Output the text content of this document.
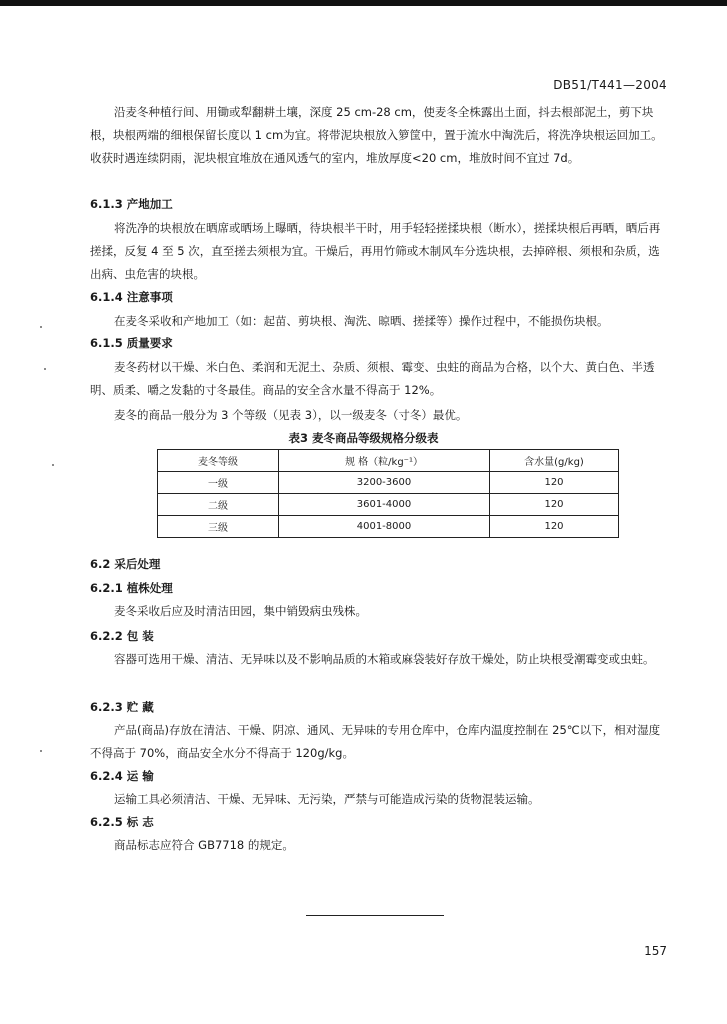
DB51/T441—2004
沿麦冬种植行间、用锄或犁翻耕土壤，深度 25 cm-28 cm，使麦冬全株露出土面，抖去根部泥土，剪下块根，块根两端的细根保留长度以 1 cm为宜。将带泥块根放入箩筐中，置于流水中淘洗后，将洗净块根运回加工。收获时遇连续阴雨，泥块根宜堆放在通风透气的室内，堆放厚度<20 cm，堆放时间不宜过 7d。
6.1.3 产地加工
将洗净的块根放在晒席或晒场上曝晒，待块根半干时，用手轻轻搓揉块根（断水），搓揉块根后再晒，晒后再搓揉，反复 4 至 5 次，直至搓去须根为宜。干燥后，再用竹筛或木制风车分选块根，去掉碎根、须根和杂质，选出病、虫危害的块根。
6.1.4 注意事项
在麦冬采收和产地加工（如：起苗、剪块根、淘洗、晾晒、搓揉等）操作过程中，不能损伤块根。
6.1.5 质量要求
麦冬药材以干燥、米白色、柔润和无泥土、杂质、须根、霉变、虫蛀的商品为合格，以个大、黄白色、半透明、质柔、嚼之发黏的寸冬最佳。商品的安全含水量不得高于 12%。
麦冬的商品一般分为 3 个等级（见表 3），以一级麦冬（寸冬）最优。
表3 麦冬商品等级规格分级表
麦冬等级	规 格（粒/kg⁻¹）	含水量(g/kg)
一级	3200-3600	120
二级	3601-4000	120
三级	4001-8000	120
6.2 采后处理
6.2.1 植株处理
麦冬采收后应及时清洁田园，集中销毁病虫残株。
6.2.2 包 装
容器可选用干燥、清洁、无异味以及不影响品质的木箱或麻袋装好存放干燥处，防止块根受潮霉变或虫蛀。
6.2.3 贮 藏
产品(商品)存放在清洁、干燥、阴凉、通风、无异味的专用仓库中，仓库内温度控制在 25℃以下，相对湿度不得高于 70%，商品安全水分不得高于 120g/kg。
6.2.4 运 输
运输工具必须清洁、干燥、无异味、无污染，严禁与可能造成污染的货物混装运输。
6.2.5 标 志
商品标志应符合 GB7718 的规定。
157
